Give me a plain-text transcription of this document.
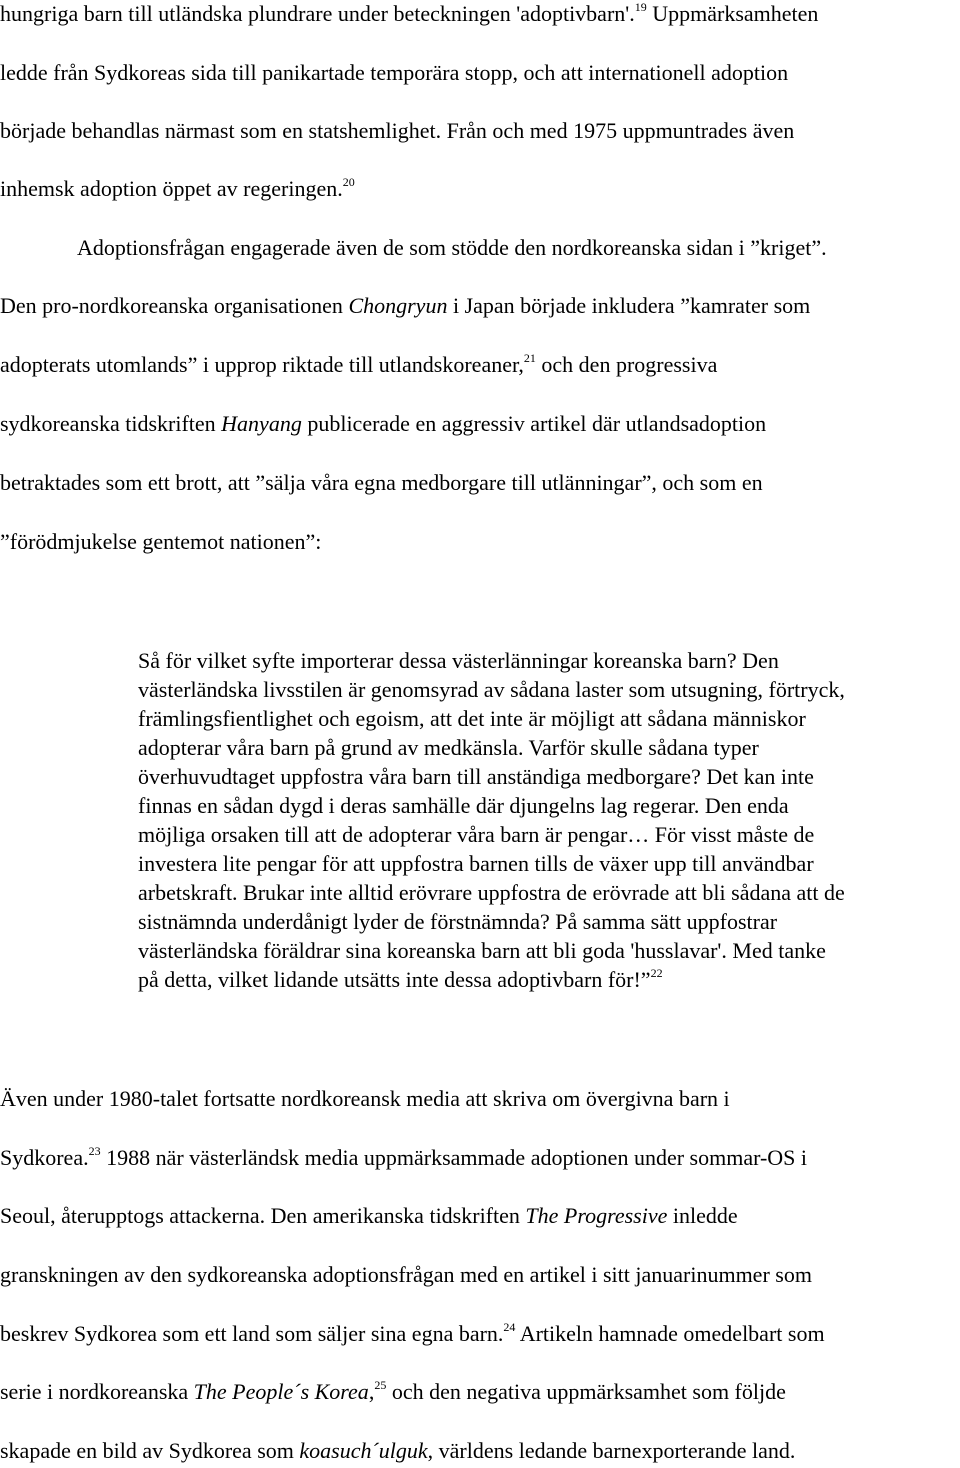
hungriga barn till utländska plundrare under beteckningen 'adoptivbarn'.$^{19}$ Uppmärksamheten

ledde från Sydkoreas sida till panikartade temporära stopp, och att internationell adoption

började behandlas närmast som en statshemlighet. Från och med 1975 uppmuntrades även

inhemsk adoption öppet av regeringen.$^{20}$

Adoptionsfrågan engagerade även de som stödde den nordkoreanska sidan i ”kriget”.

Den pro-nordkoreanska organisationen Chongryun i Japan började inkludera ”kamrater som

adopterats utomlands” i upprop riktade till utlandskoreaner,$^{21}$ och den progressiva

sydkoreanska tidskriften Hanyang publicerade en aggressiv artikel där utlandsadoption

betraktades som ett brott, att ”sälja våra egna medborgare till utlänningar”, och som en

”förödmjukelse gentemot nationen”:

Så för vilket syfte importerar dessa västerlänningar koreanska barn? Den

västerländska livsstilen är genomsyrad av sådana laster som utsugning, förtryck,

främlingsfientlighet och egoism, att det inte är möjligt att sådana människor

adopterar våra barn på grund av medkänsla. Varför skulle sådana typer

överhuvudtaget uppfostra våra barn till anständiga medborgare? Det kan inte

finnas en sådan dygd i deras samhälle där djungelns lag regerar. Den enda

möjliga orsaken till att de adopterar våra barn är pengar… För visst måste de

investera lite pengar för att uppfostra barnen tills de växer upp till användbar

arbetskraft. Brukar inte alltid erövrare uppfostra de erövrade att bli sådana att de

sistnämnda underdånigt lyder de förstnämnda? På samma sätt uppfostrar

västerländska föräldrar sina koreanska barn att bli goda 'husslavar'. Med tanke

på detta, vilket lidande utsätts inte dessa adoptivbarn för!”$^{22}$

Även under 1980-talet fortsatte nordkoreansk media att skriva om övergivna barn i

Sydkorea.$^{23}$ 1988 när västerländsk media uppmärksammade adoptionen under sommar-OS i

Seoul, återupptogs attackerna. Den amerikanska tidskriften The Progressive inledde

granskningen av den sydkoreanska adoptionsfrågan med en artikel i sitt januarinummer som

beskrev Sydkorea som ett land som säljer sina egna barn.$^{24}$ Artikeln hamnade omedelbart som

serie i nordkoreanska The People´s Korea,$^{25}$ och den negativa uppmärksamhet som följde

skapade en bild av Sydkorea som koasuch´ulguk, världens ledande barnexporterande land.
